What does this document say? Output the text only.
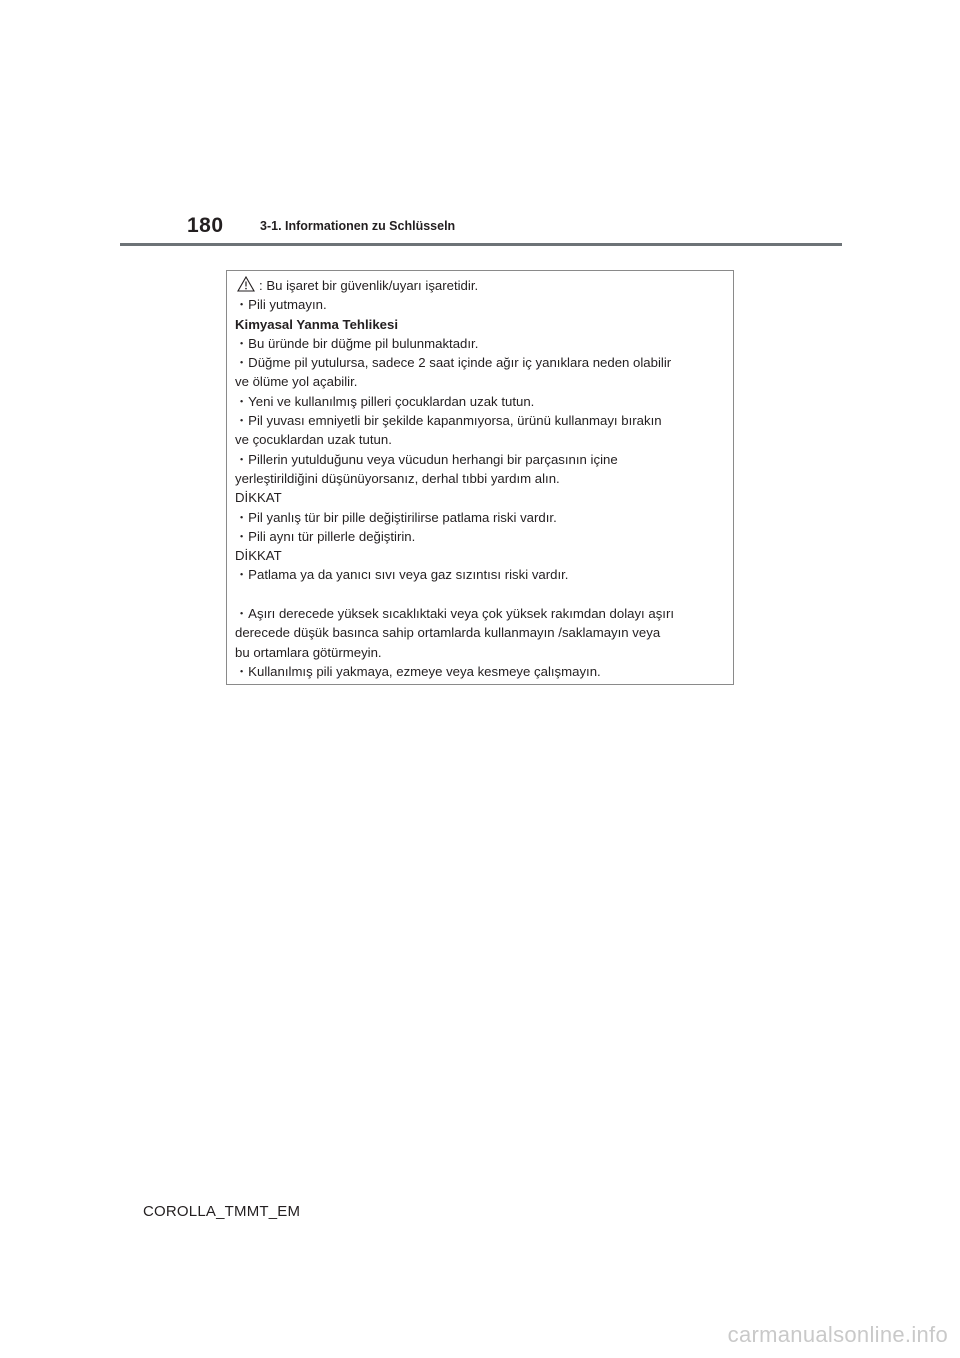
180	3-1. Informationen zu Schlüsseln
: Bu işaret bir güvenlik/uyarı işaretidir.
・Pili yutmayın.
Kimyasal Yanma Tehlikesi
・Bu üründe bir düğme pil bulunmaktadır.
・Düğme pil yutulursa, sadece 2 saat içinde ağır iç yanıklara neden olabilir
ve ölüme yol açabilir.
・Yeni ve kullanılmış pilleri çocuklardan uzak tutun.
・Pil yuvası emniyetli bir şekilde kapanmıyorsa, ürünü kullanmayı bırakın
ve çocuklardan uzak tutun.
・Pillerin yutulduğunu veya vücudun herhangi bir parçasının içine
yerleştirildiğini düşünüyorsanız, derhal tıbbi yardım alın.
DİKKAT
・Pil yanlış tür bir pille değiştirilirse patlama riski vardır.
・Pili aynı tür pillerle değiştirin.
DİKKAT
・Patlama ya da yanıcı sıvı veya gaz sızıntısı riski vardır.
・Aşırı derecede yüksek sıcaklıktaki veya çok yüksek rakımdan dolayı aşırı
derecede düşük basınca sahip ortamlarda kullanmayın /saklamayın veya
bu ortamlara götürmeyin.
・Kullanılmış pili yakmaya, ezmeye veya kesmeye çalışmayın.
COROLLA_TMMT_EM
carmanualsonline.info
